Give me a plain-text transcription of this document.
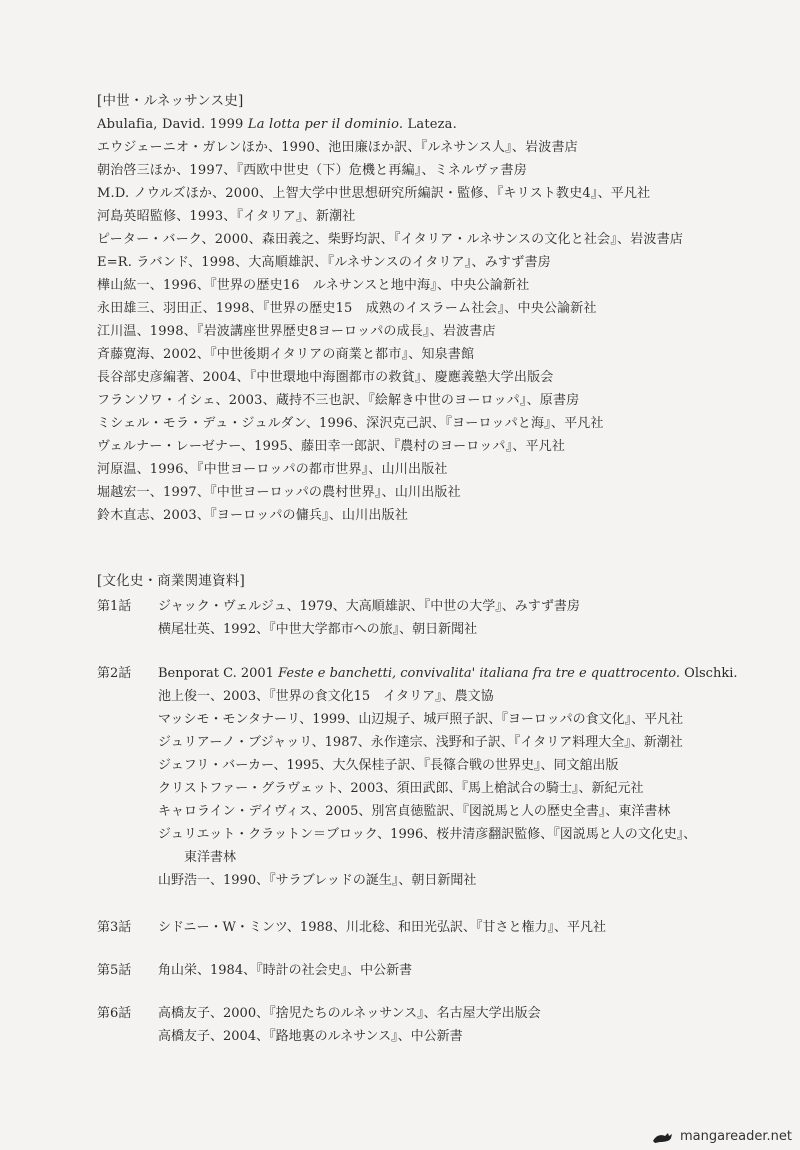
[中世・ルネッサンス史]
Abulafia, David. 1999 La lotta per il dominio. Lateza.
エウジェーニオ・ガレンほか、1990、池田廉ほか訳、『ルネサンス人』、岩波書店
朝治啓三ほか、1997、『西欧中世史（下）危機と再編』、ミネルヴァ書房
M.D. ノウルズほか、2000、上智大学中世思想研究所編訳・監修、『キリスト教史4』、平凡社
河島英昭監修、1993、『イタリア』、新潮社
ピーター・バーク、2000、森田義之、柴野均訳、『イタリア・ルネサンスの文化と社会』、岩波書店
E=R. ラバンド、1998、大高順雄訳、『ルネサンスのイタリア』、みすず書房
樺山紘一、1996、『世界の歴史16　ルネサンスと地中海』、中央公論新社
永田雄三、羽田正、1998、『世界の歴史15　成熟のイスラーム社会』、中央公論新社
江川温、1998、『岩波講座世界歴史8ヨーロッパの成長』、岩波書店
斉藤寛海、2002、『中世後期イタリアの商業と都市』、知泉書館
長谷部史彦編著、2004、『中世環地中海圏都市の救貧』、慶應義塾大学出版会
フランソワ・イシェ、2003、蔵持不三也訳、『絵解き中世のヨーロッパ』、原書房
ミシェル・モラ・デュ・ジュルダン、1996、深沢克己訳、『ヨーロッパと海』、平凡社
ヴェルナー・レーゼナー、1995、藤田幸一郎訳、『農村のヨーロッパ』、平凡社
河原温、1996、『中世ヨーロッパの都市世界』、山川出版社
堀越宏一、1997、『中世ヨーロッパの農村世界』、山川出版社
鈴木直志、2003、『ヨーロッパの傭兵』、山川出版社
[文化史・商業関連資料]
第1話 ジャック・ヴェルジュ、1979、大高順雄訳、『中世の大学』、みすず書房
横尾壮英、1992、『中世大学都市への旅』、朝日新聞社
第2話 Benporat C. 2001 Feste e banchetti, convivalita' italiana fra tre e quattrocento. Olschki.
池上俊一、2003、『世界の食文化15　イタリア』、農文協
マッシモ・モンタナーリ、1999、山辺規子、城戸照子訳、『ヨーロッパの食文化』、平凡社
ジュリアーノ・ブジャッリ、1987、永作達宗、浅野和子訳、『イタリア料理大全』、新潮社
ジェフリ・バーカー、1995、大久保桂子訳、『長篠合戦の世界史』、同文舘出版
クリストファー・グラヴェット、2003、須田武郎、『馬上槍試合の騎士』、新紀元社
キャロライン・デイヴィス、2005、別宮貞徳監訳、『図説馬と人の歴史全書』、東洋書林
ジュリエット・クラットン＝ブロック、1996、桜井清彦翻訳監修、『図説馬と人の文化史』、
東洋書林
山野浩一、1990、『サラブレッドの誕生』、朝日新聞社
第3話 シドニー・W・ミンツ、1988、川北稔、和田光弘訳、『甘さと権力』、平凡社
第5話 角山栄、1984、『時計の社会史』、中公新書
第6話 高橋友子、2000、『捨児たちのルネッサンス』、名古屋大学出版会
高橋友子、2004、『路地裏のルネサンス』、中公新書
mangareader.net
